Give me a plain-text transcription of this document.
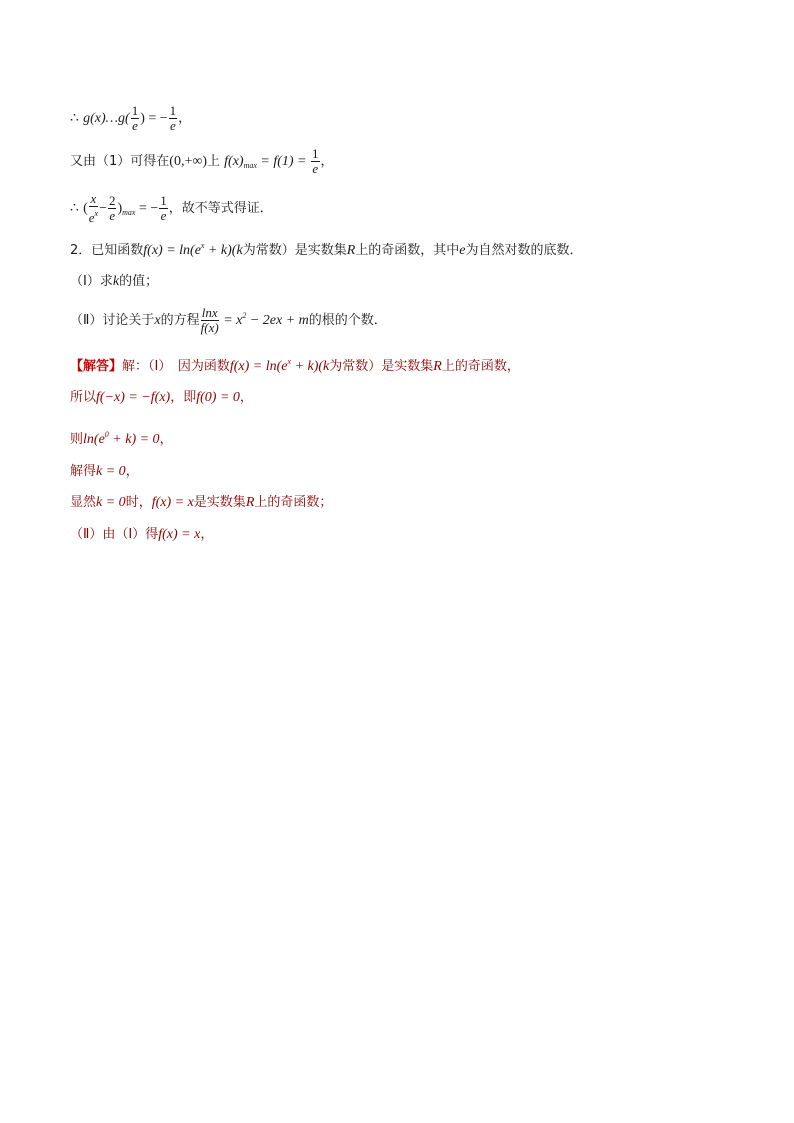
∴ g(x)…g( $\frac{1}{e}$ ) = − $\frac{1}{e}$ ，
又由（1）可得在(0,+∞)上 $f(x)_{max} = f(1) = \frac{1}{e}$ ，
∴ ( $\frac{x}{e^x} - \frac{2}{e} )_{max}$ = − $\frac{1}{e}$ ，故不等式得证．
2．已知函数$f(x) = \ln(e^x + k)(k$为常数）是实数集R上的奇函数，其中e为自然对数的底数．
（Ⅰ）求k的值；
（Ⅱ）讨论关于x的方程 $\frac{\ln x}{f(x)} = x^2 - 2ex + m$的根的个数．
【解答】解：（Ⅰ）　因为函数$f(x) = \ln(e^x + k)(k$为常数）是实数集R上的奇函数，
所以f(−x) = −f(x)，即f(0) = 0，
则$\ln(e^0 + k) = 0$，
解得k = 0，
显然k = 0时，f(x) = x是实数集R上的奇函数；
（Ⅱ）由（Ⅰ）得f(x) = x，
